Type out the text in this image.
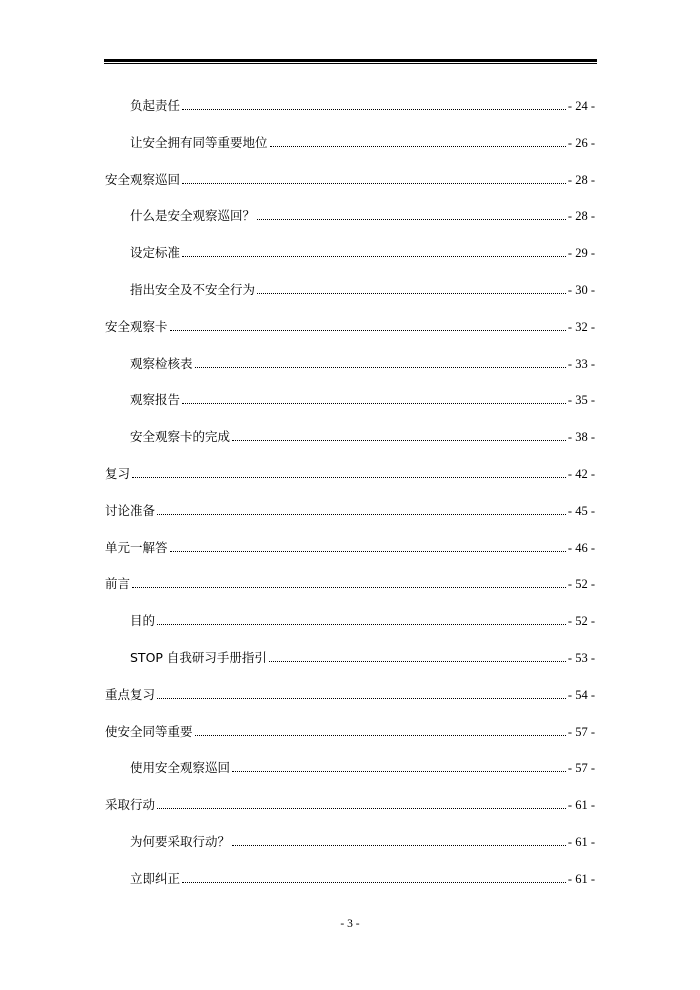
负起责任	- 24 -
让安全拥有同等重要地位	- 26 -
安全观察巡回	- 28 -
什么是安全观察巡回？	- 28 -
设定标准	- 29 -
指出安全及不安全行为	- 30 -
安全观察卡	- 32 -
观察检核表	- 33 -
观察报告	- 35 -
安全观察卡的完成	- 38 -
复习	- 42 -
讨论准备	- 45 -
单元一解答	- 46 -
前言	- 52 -
目的	- 52 -
STOP 自我研习手册指引	- 53 -
重点复习	- 54 -
使安全同等重要	- 57 -
使用安全观察巡回	- 57 -
采取行动	- 61 -
为何要采取行动？	- 61 -
立即纠正	- 61 -
- 3 -
